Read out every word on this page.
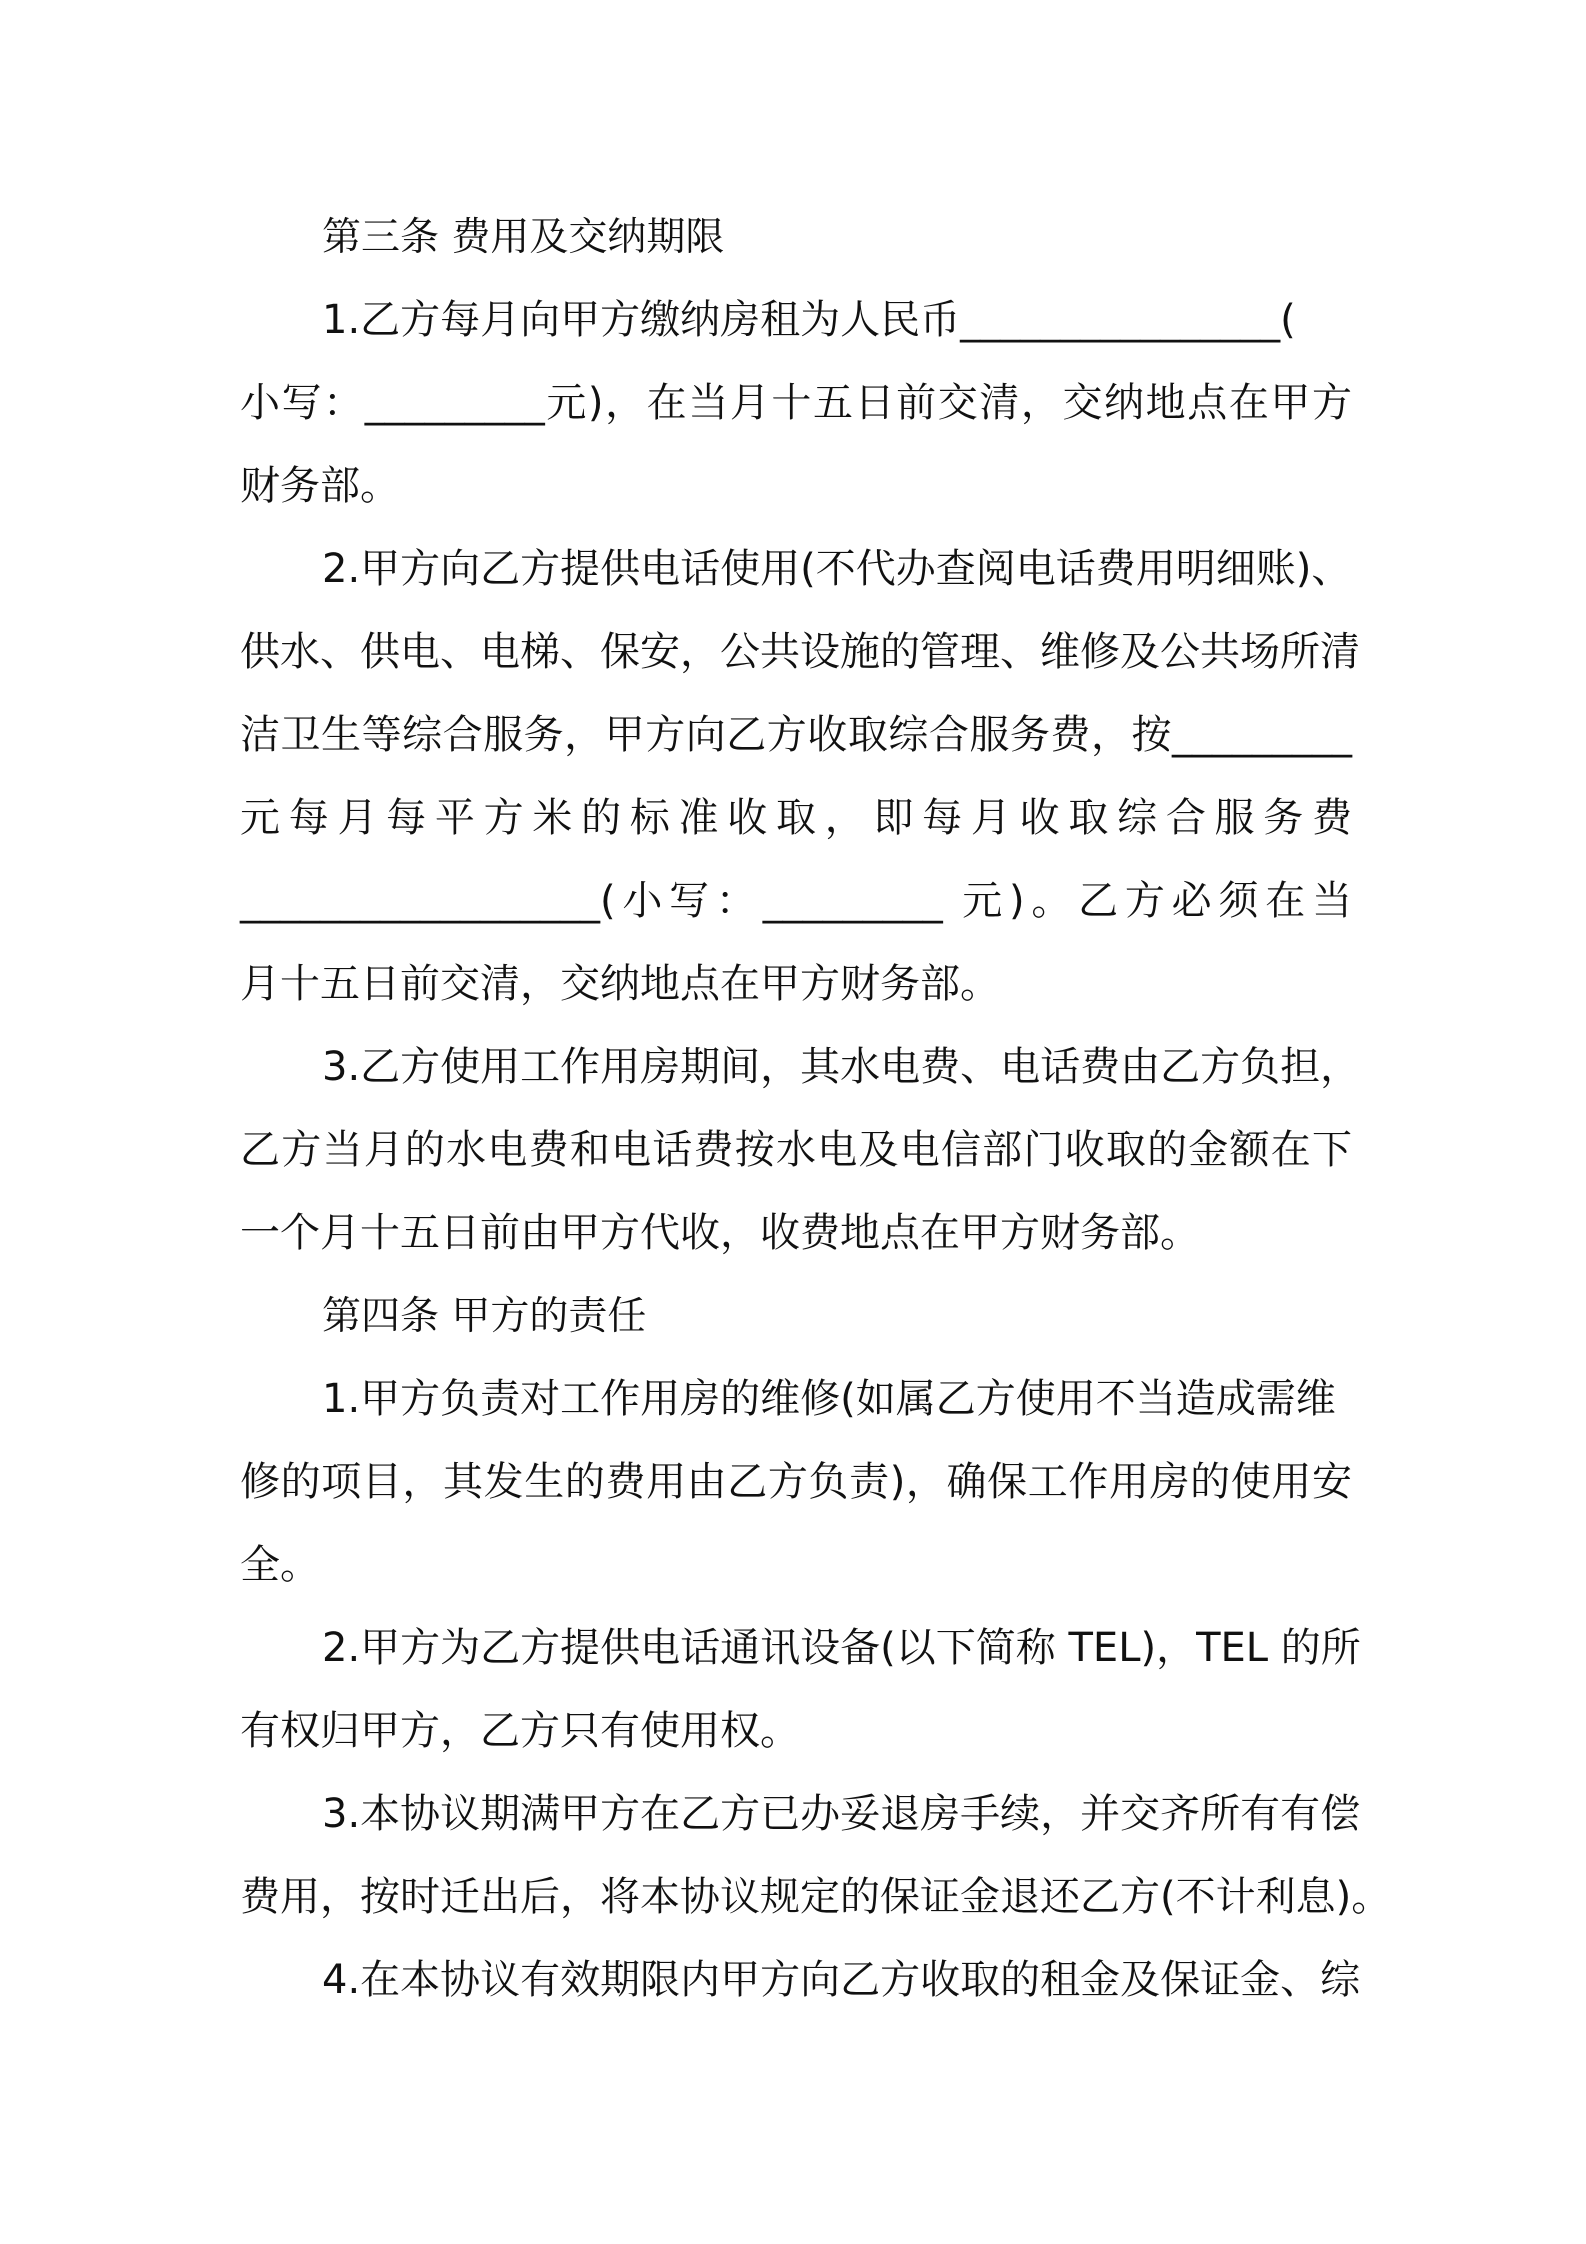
第三条 费用及交纳期限
1.乙方每月向甲方缴纳房租为人民币________________(
小写：_________元)，在当月十五日前交清，交纳地点在甲方
财务部。
2.甲方向乙方提供电话使用(不代办查阅电话费用明细账)、
供水、供电、电梯、保安，公共设施的管理、维修及公共场所清
洁卫生等综合服务，甲方向乙方收取综合服务费，按_________
元每月每平方米的标准收取，即每月收取综合服务费
__________________(小写：_________ 元)。乙方必须在当
月十五日前交清，交纳地点在甲方财务部。
3.乙方使用工作用房期间，其水电费、电话费由乙方负担，
乙方当月的水电费和电话费按水电及电信部门收取的金额在下
一个月十五日前由甲方代收，收费地点在甲方财务部。
第四条 甲方的责任
1.甲方负责对工作用房的维修(如属乙方使用不当造成需维
修的项目，其发生的费用由乙方负责)，确保工作用房的使用安
全。
2.甲方为乙方提供电话通讯设备(以下简称 TEL)，TEL 的所
有权归甲方，乙方只有使用权。
3.本协议期满甲方在乙方已办妥退房手续，并交齐所有有偿
费用，按时迁出后，将本协议规定的保证金退还乙方(不计利息)。
4.在本协议有效期限内甲方向乙方收取的租金及保证金、综
